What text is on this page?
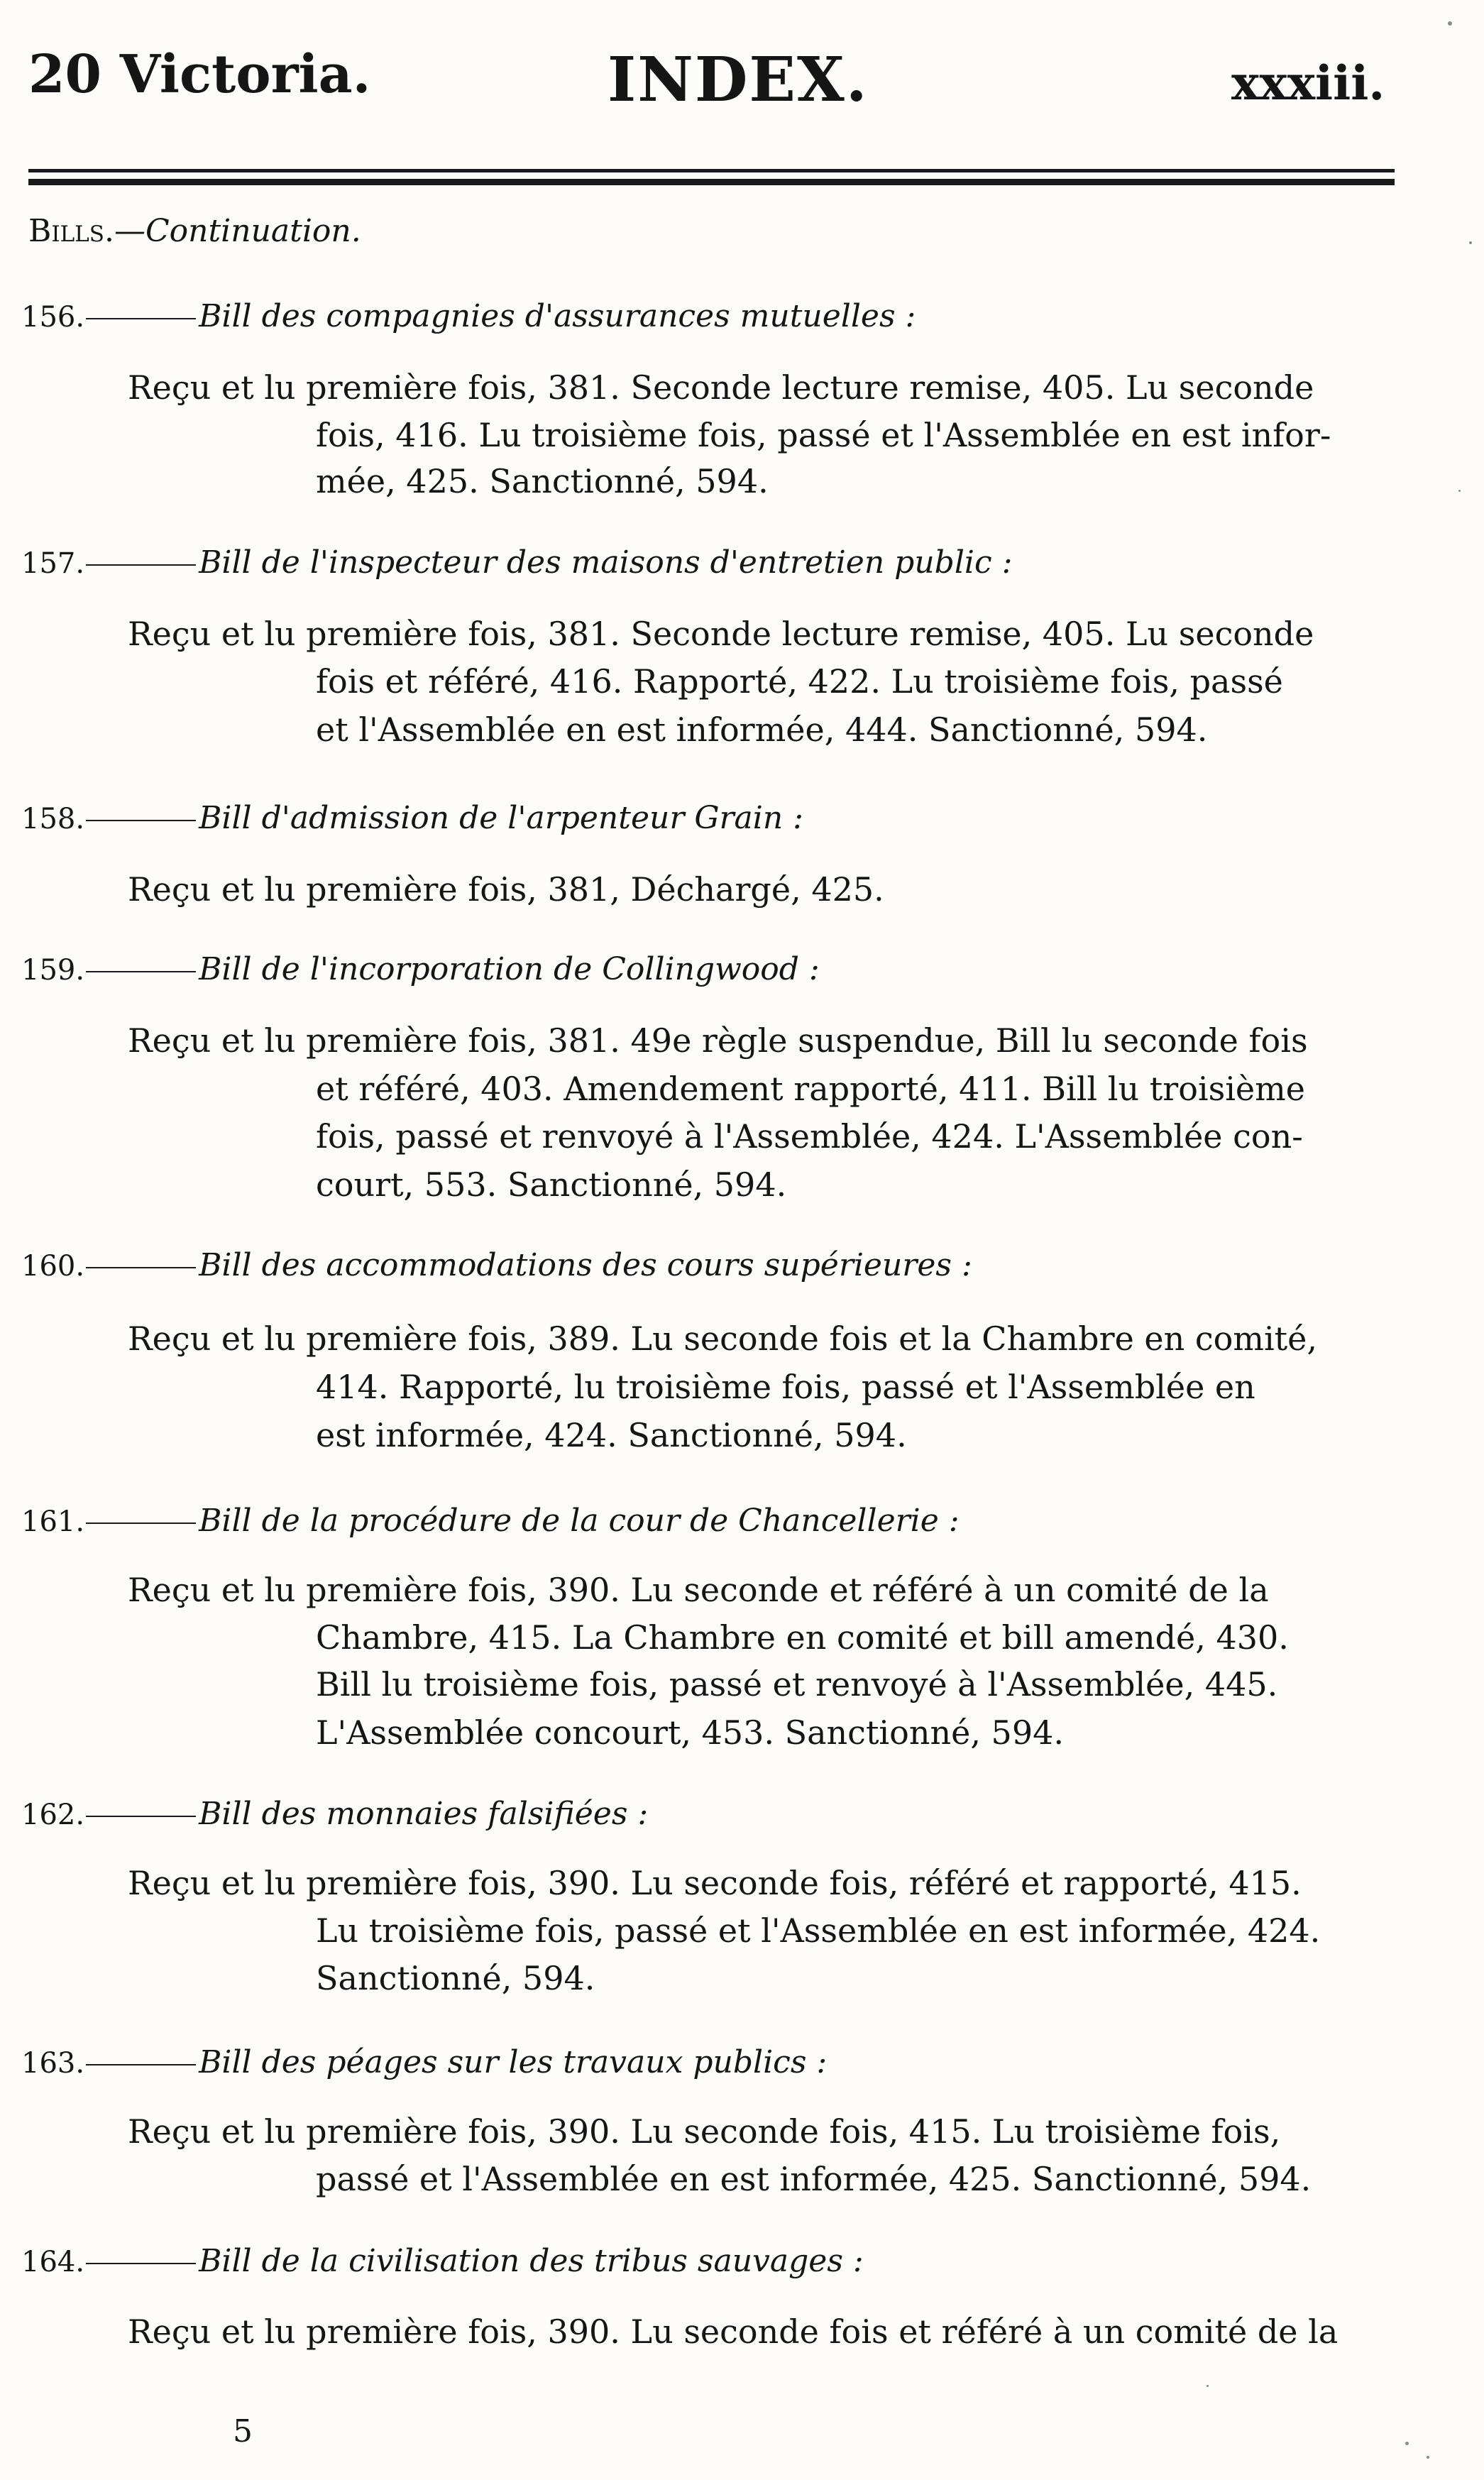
20 Victoria.	INDEX.	xxxiii.
Bills.—Continuation.
156.	Bill des compagnies d'assurances mutuelles :
Reçu et lu première fois, 381. Seconde lecture remise, 405. Lu seconde
fois, 416. Lu troisième fois, passé et l'Assemblée en est infor-
mée, 425. Sanctionné, 594.
157.	Bill de l'inspecteur des maisons d'entretien public :
Reçu et lu première fois, 381. Seconde lecture remise, 405. Lu seconde
fois et référé, 416. Rapporté, 422. Lu troisième fois, passé
et l'Assemblée en est informée, 444. Sanctionné, 594.
158.	Bill d'admission de l'arpenteur Grain :
Reçu et lu première fois, 381, Déchargé, 425.
159.	Bill de l'incorporation de Collingwood :
Reçu et lu première fois, 381. 49e règle suspendue, Bill lu seconde fois
et référé, 403. Amendement rapporté, 411. Bill lu troisième
fois, passé et renvoyé à l'Assemblée, 424. L'Assemblée con-
court, 553. Sanctionné, 594.
160.	Bill des accommodations des cours supérieures :
Reçu et lu première fois, 389. Lu seconde fois et la Chambre en comité,
414. Rapporté, lu troisième fois, passé et l'Assemblée en
est informée, 424. Sanctionné, 594.
161.	Bill de la procédure de la cour de Chancellerie :
Reçu et lu première fois, 390. Lu seconde et référé à un comité de la
Chambre, 415. La Chambre en comité et bill amendé, 430.
Bill lu troisième fois, passé et renvoyé à l'Assemblée, 445.
L'Assemblée concourt, 453. Sanctionné, 594.
162.	Bill des monnaies falsifiées :
Reçu et lu première fois, 390. Lu seconde fois, référé et rapporté, 415.
Lu troisième fois, passé et l'Assemblée en est informée, 424.
Sanctionné, 594.
163.	Bill des péages sur les travaux publics :
Reçu et lu première fois, 390. Lu seconde fois, 415. Lu troisième fois,
passé et l'Assemblée en est informée, 425. Sanctionné, 594.
164.	Bill de la civilisation des tribus sauvages :
Reçu et lu première fois, 390. Lu seconde fois et référé à un comité de la
5
